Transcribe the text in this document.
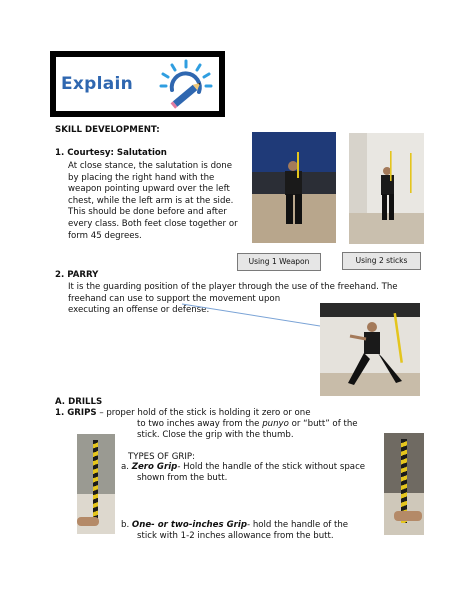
Explain
SKILL DEVELOPMENT:
1. Courtesy: Salutation
At close stance, the salutation is done
by placing the right hand with the
weapon pointing upward over the left
chest, while the left arm is at the side.
This should be done before and after
every class. Both feet close together or
form 45 degrees.
Using 1 Weapon	Using 2 sticks
2. PARRY
It is the guarding position of the player through the use of the freehand. The
freehand can use to support the movement upon
executing an offense or defense.
A. DRILLS
1. GRIPS – proper hold of the stick is holding it zero or one
to two inches away from the punyo or “butt” of the
stick. Close the grip with the thumb.
TYPES OF GRIP:
a. Zero Grip- Hold the handle of the stick without space
shown from the butt.
b. One- or two-inches Grip- hold the handle of the
stick with 1-2 inches allowance from the butt.
